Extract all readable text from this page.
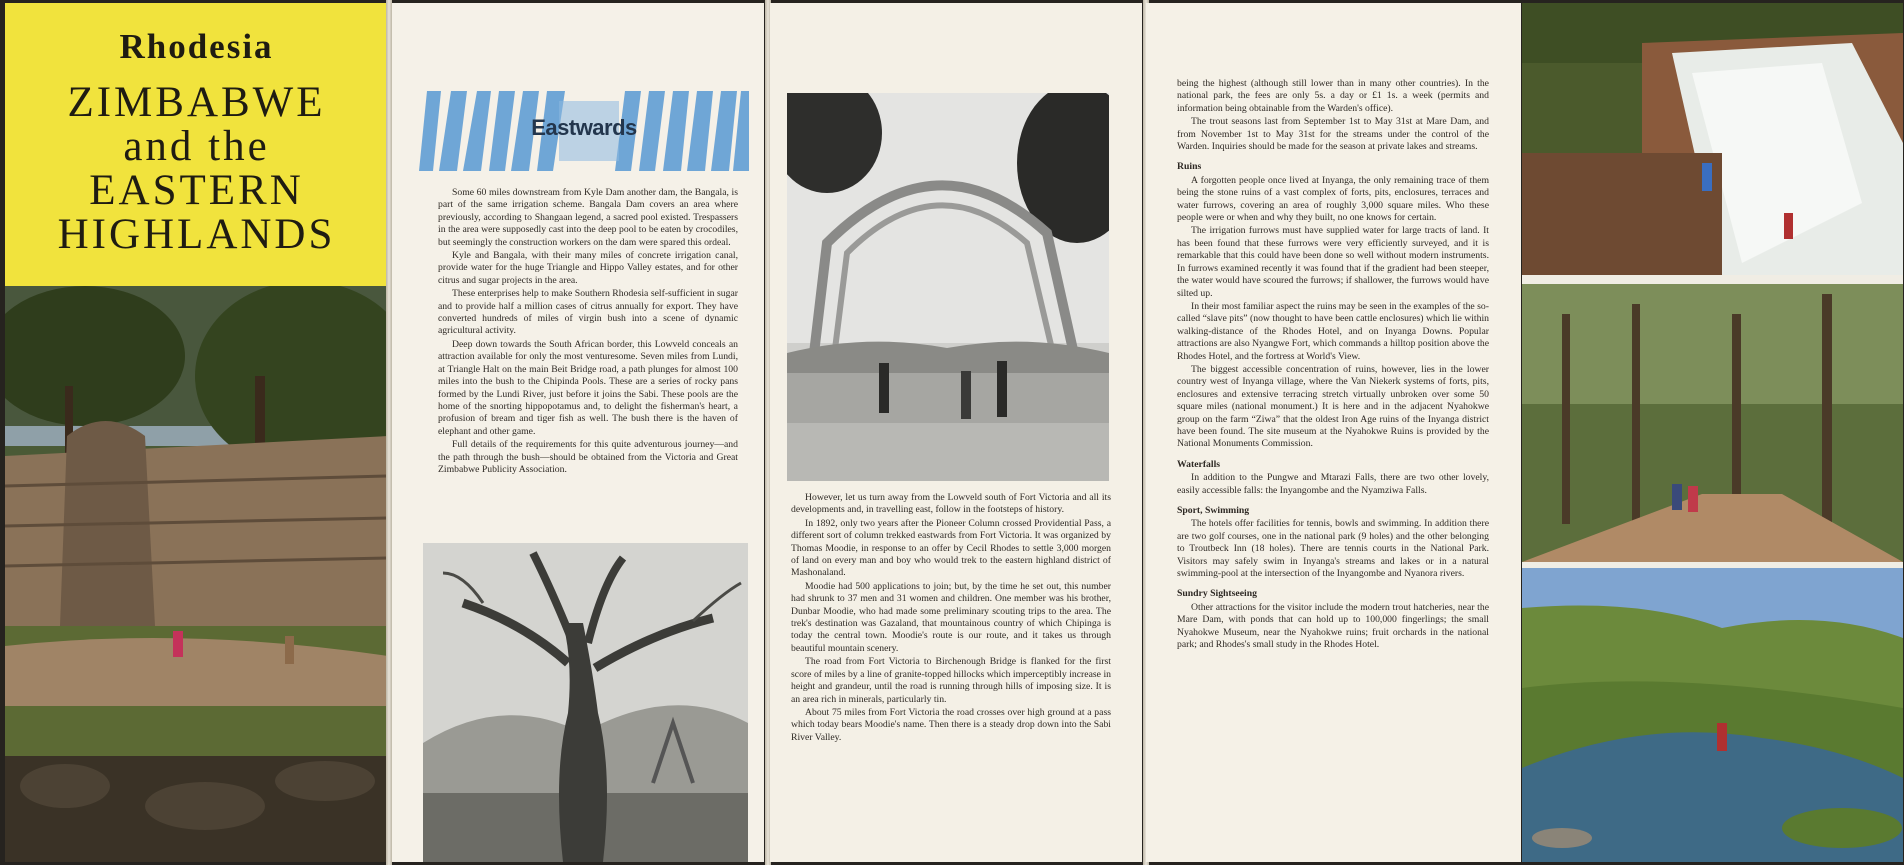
Rhodesia
ZIMBABWE
and the
EASTERN
HIGHLANDS
Eastwards

Some 60 miles downstream from Kyle Dam another dam, the Bangala, is part of the same irrigation scheme. Bangala Dam covers an area where previously, according to Shangaan legend, a sacred pool existed. Trespassers in the area were supposedly cast into the deep pool to be eaten by crocodiles, but seemingly the construction workers on the dam were spared this ordeal.

Kyle and Bangala, with their many miles of concrete irrigation canal, provide water for the huge Triangle and Hippo Valley estates, and for other citrus and sugar projects in the area.

These enterprises help to make Southern Rhodesia self-sufficient in sugar and to provide half a million cases of citrus annually for export. They have converted hundreds of miles of virgin bush into a scene of dynamic agricultural activity.

Deep down towards the South African border, this Lowveld conceals an attraction available for only the most venturesome. Seven miles from Lundi, at Triangle Halt on the main Beit Bridge road, a path plunges for almost 100 miles into the bush to the Chipinda Pools. These are a series of rocky pans formed by the Lundi River, just before it joins the Sabi. These pools are the home of the snorting hippopotamus and, to delight the fisherman's heart, a profusion of bream and tiger fish as well. The bush there is the haven of elephant and other game.

Full details of the requirements for this quite adventurous journey—and the path through the bush—should be obtained from the Victoria and Great Zimbabwe Publicity Association.

However, let us turn away from the Lowveld south of Fort Victoria and all its developments and, in travelling east, follow in the footsteps of history.

In 1892, only two years after the Pioneer Column crossed Providential Pass, a different sort of column trekked eastwards from Fort Victoria. It was organized by Thomas Moodie, in response to an offer by Cecil Rhodes to settle 3,000 morgen of land on every man and boy who would trek to the eastern highland district of Mashonaland.

Moodie had 500 applications to join; but, by the time he set out, this number had shrunk to 37 men and 31 women and children. One member was his brother, Dunbar Moodie, who had made some preliminary scouting trips to the area. The trek's destination was Gazaland, that mountainous country of which Chipinga is today the central town. Moodie's route is our route, and it takes us through beautiful mountain scenery.

The road from Fort Victoria to Birchenough Bridge is flanked for the first score of miles by a line of granite-topped hillocks which imperceptibly increase in height and grandeur, until the road is running through hills of imposing size. It is an area rich in minerals, particularly tin.

About 75 miles from Fort Victoria the road crosses over high ground at a pass which today bears Moodie's name. Then there is a steady drop down into the Sabi River Valley.

being the highest (although still lower than in many other countries). In the national park, the fees are only 5s. a day or £1 1s. a week (permits and information being obtainable from the Warden's office).

The trout seasons last from September 1st to May 31st at Mare Dam, and from November 1st to May 31st for the streams under the control of the Warden. Inquiries should be made for the season at private lakes and streams.

Ruins

A forgotten people once lived at Inyanga, the only remaining trace of them being the stone ruins of a vast complex of forts, pits, enclosures, terraces and water furrows, covering an area of roughly 3,000 square miles. Who these people were or when and why they built, no one knows for certain.

The irrigation furrows must have supplied water for large tracts of land. It has been found that these furrows were very efficiently surveyed, and it is remarkable that this could have been done so well without modern instruments. In furrows examined recently it was found that if the gradient had been steeper, the water would have scoured the furrows; if shallower, the furrows would have silted up.

In their most familiar aspect the ruins may be seen in the examples of the so-called “slave pits” (now thought to have been cattle enclosures) which lie within walking-distance of the Rhodes Hotel, and on Inyanga Downs. Popular attractions are also Nyangwe Fort, which commands a hilltop position above the Rhodes Hotel, and the fortress at World's View.

The biggest accessible concentration of ruins, however, lies in the lower country west of Inyanga village, where the Van Niekerk systems of forts, pits, enclosures and extensive terracing stretch virtually unbroken over some 50 square miles (national monument.) It is here and in the adjacent Nyahokwe group on the farm “Ziwa” that the oldest Iron Age ruins of the Inyanga district have been found. The site museum at the Nyahokwe Ruins is provided by the National Monuments Commission.

Waterfalls

In addition to the Pungwe and Mtarazi Falls, there are two other lovely, easily accessible falls: the Inyangombe and the Nyamziwa Falls.

Sport, Swimming

The hotels offer facilities for tennis, bowls and swimming. In addition there are two golf courses, one in the national park (9 holes) and the other belonging to Troutbeck Inn (18 holes). There are tennis courts in the National Park. Visitors may safely swim in Inyanga's streams and lakes or in a natural swimming-pool at the intersection of the Inyangombe and Nyanora rivers.

Sundry Sightseeing

Other attractions for the visitor include the modern trout hatcheries, near the Mare Dam, with ponds that can hold up to 100,000 fingerlings; the small Nyahokwe Museum, near the Nyahokwe ruins; fruit orchards in the national park; and Rhodes's small study in the Rhodes Hotel.
